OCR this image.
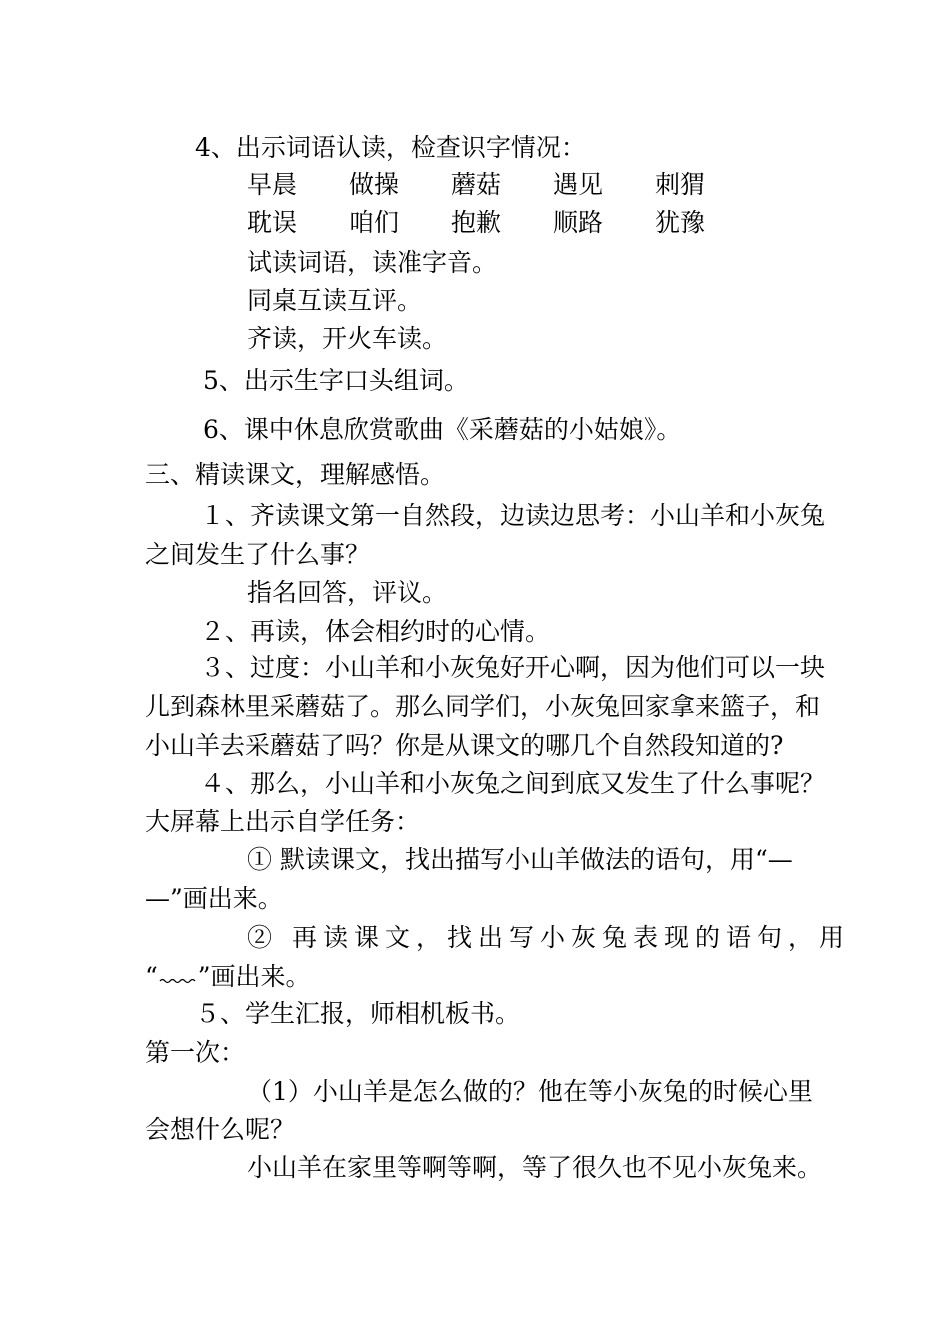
4、出示词语认读，检查识字情况：
早晨 做操 蘑菇 遇见 刺猬
耽误 咱们 抱歉 顺路 犹豫
试读词语，读准字音。
同桌互读互评。
齐读，开火车读。
5、出示生字口头组词。
6、课中休息欣赏歌曲《采蘑菇的小姑娘》。
三、精读课文，理解感悟。
１、齐读课文第一自然段，边读边思考：小山羊和小灰兔
之间发生了什么事？
指名回答，评议。
２、再读，体会相约时的心情。
３、过度：小山羊和小灰兔好开心啊，因为他们可以一块
儿到森林里采蘑菇了。那么同学们，小灰兔回家拿来篮子，和
小山羊去采蘑菇了吗？你是从课文的哪几个自然段知道的?
４、那么，小山羊和小灰兔之间到底又发生了什么事呢？
大屏幕上出示自学任务：
① 默读课文，找出描写小山羊做法的语句，用“—
—”画出来。
② 再读课文，找出写小灰兔表现的语句，用
“ ”画出来。
５、学生汇报，师相机板书。
第一次：
（1）小山羊是怎么做的？他在等小灰兔的时候心里
会想什么呢？
小山羊在家里等啊等啊，等了很久也不见小灰兔来。
